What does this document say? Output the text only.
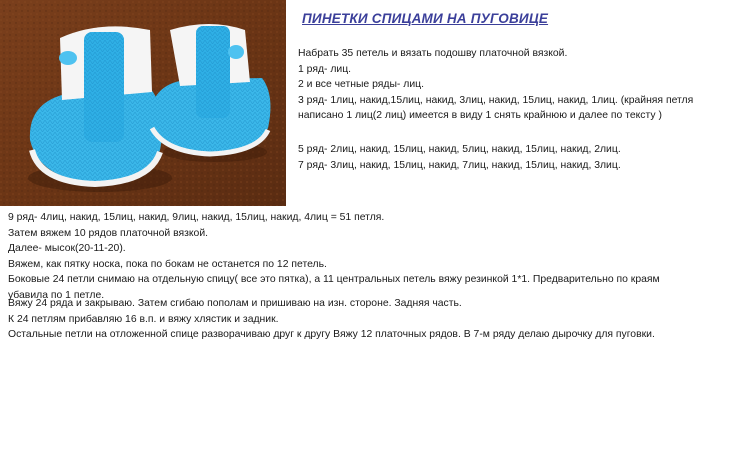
ПИНЕТКИ СПИЦАМИ НА ПУГОВИЦЕ
Набрать 35 петель и вязать подошву платочной вязкой.
1 ряд- лиц.
2 и все четные ряды- лиц.
3 ряд- 1лиц, накид,15лиц, накид, 3лиц, накид, 15лиц, накид, 1лиц. (крайняя петля написано 1 лиц(2 лиц) имеется в виду 1 снять крайнюю и далее по тексту )
5 ряд- 2лиц, накид, 15лиц, накид, 5лиц, накид, 15лиц, накид, 2лиц.
7 ряд- 3лиц, накид, 15лиц, накид, 7лиц, накид, 15лиц, накид, 3лиц.
9 ряд- 4лиц, накид, 15лиц, накид, 9лиц, накид, 15лиц, накид, 4лиц = 51 петля.
Затем вяжем 10 рядов платочной вязкой.
Далее- мысок(20-11-20).
Вяжем, как пятку носка, пока по бокам не останется по 12 петель.
Боковые 24 петли снимаю на отдельную спицу( все это пятка), а 11 центральных петель вяжу резинкой 1*1. Предварительно по краям убавила по 1 петле.
Вяжу 24 ряда и закрываю. Затем сгибаю пополам и пришиваю на изн. стороне. Задняя часть.
К 24 петлям прибавляю 16 в.п. и вяжу хлястик и задник.
Остальные петли на отложенной спице разворачиваю друг к другу Вяжу 12 платочных рядов. В 7-м ряду делаю дырочку для пуговки.
